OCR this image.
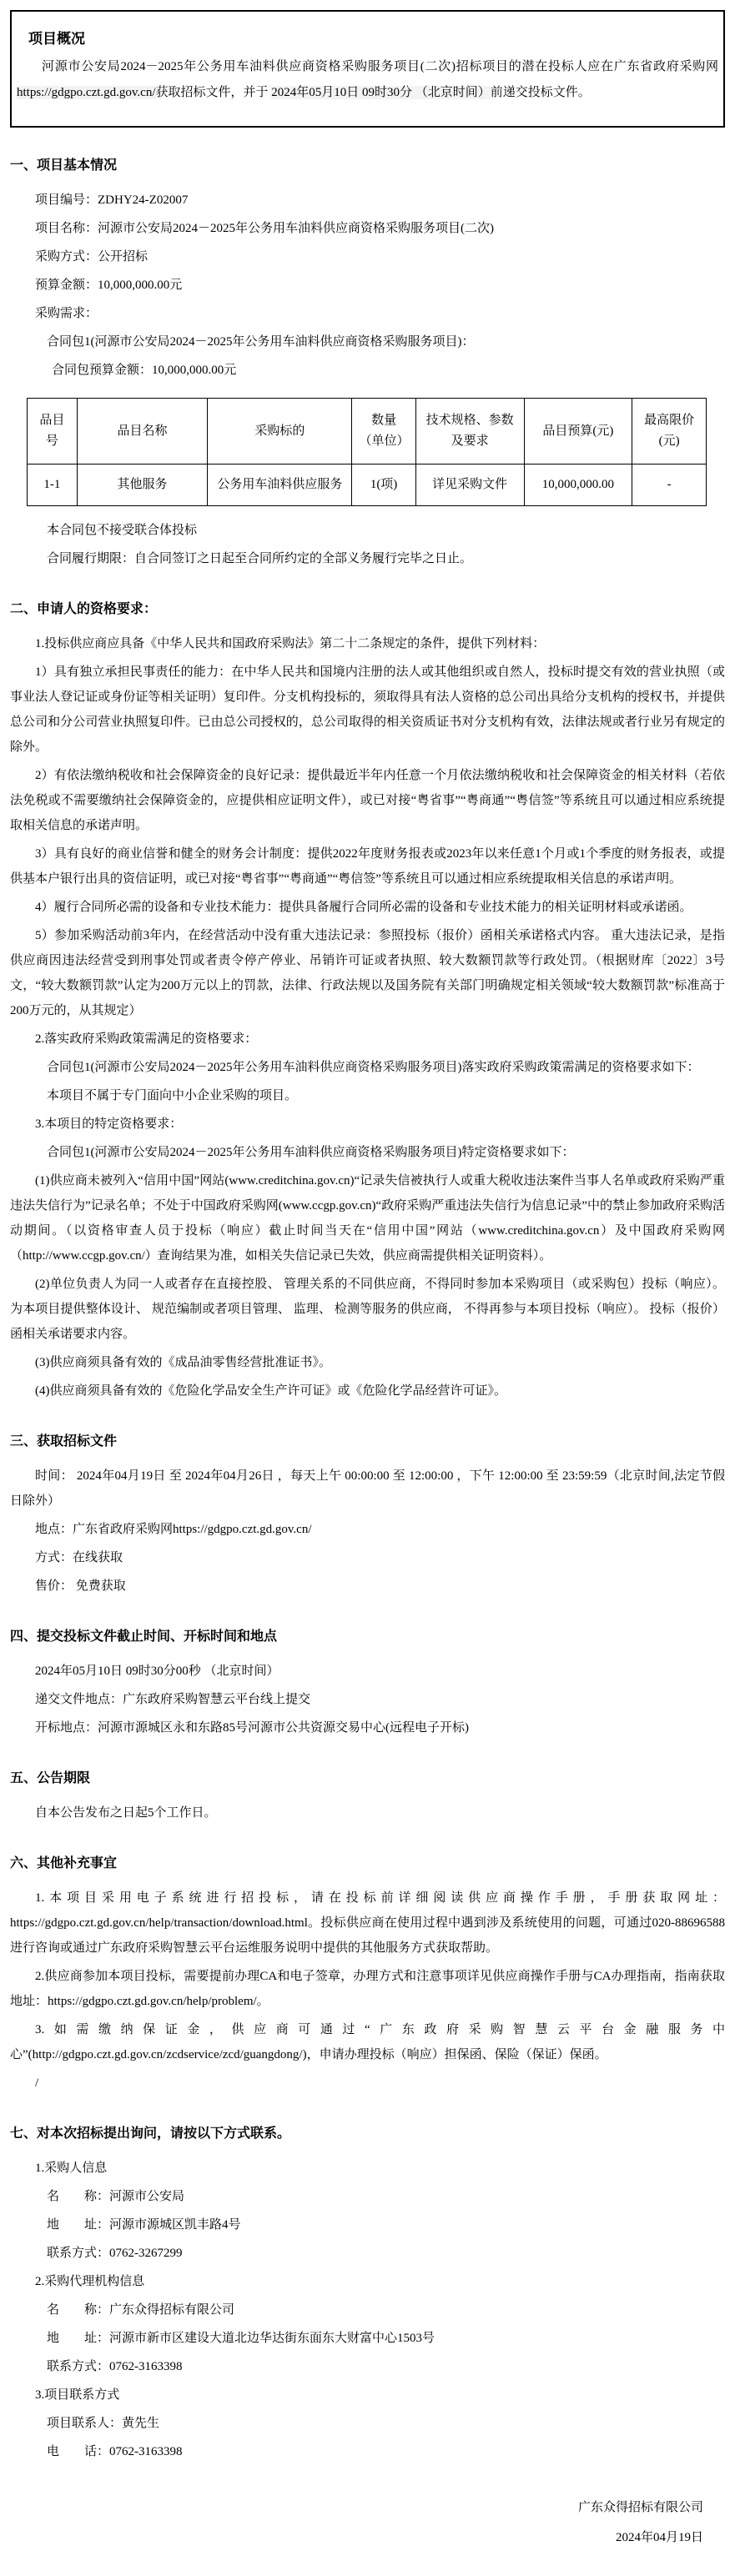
项目概况

河源市公安局2024－2025年公务用车油料供应商资格采购服务项目(二次)招标项目的潜在投标人应在广东省政府采购网https://gdgpo.czt.gd.gov.cn/获取招标文件，并于 2024年05月10日 09时30分 （北京时间）前递交投标文件。

一、项目基本情况

项目编号：ZDHY24-Z02007

项目名称：河源市公安局2024－2025年公务用车油料供应商资格采购服务项目(二次)

采购方式：公开招标

预算金额：10,000,000.00元

采购需求：

合同包1(河源市公安局2024－2025年公务用车油料供应商资格采购服务项目)：

合同包预算金额：10,000,000.00元

品目号	品目名称	采购标的	数量（单位）	技术规格、参数及要求	品目预算(元)	最高限价(元)
1-1	其他服务	公务用车油料供应服务	1(项)	详见采购文件	10,000,000.00	-

本合同包不接受联合体投标

合同履行期限：自合同签订之日起至合同所约定的全部义务履行完毕之日止。

二、申请人的资格要求：

1.投标供应商应具备《中华人民共和国政府采购法》第二十二条规定的条件，提供下列材料：

1）具有独立承担民事责任的能力：在中华人民共和国境内注册的法人或其他组织或自然人，投标时提交有效的营业执照（或事业法人登记证或身份证等相关证明）复印件。分支机构投标的，须取得具有法人资格的总公司出具给分支机构的授权书，并提供总公司和分公司营业执照复印件。已由总公司授权的，总公司取得的相关资质证书对分支机构有效，法律法规或者行业另有规定的除外。

2）有依法缴纳税收和社会保障资金的良好记录：提供最近半年内任意一个月依法缴纳税收和社会保障资金的相关材料（若依法免税或不需要缴纳社会保障资金的，应提供相应证明文件），或已对接“粤省事”“粤商通”“粤信签”等系统且可以通过相应系统提取相关信息的承诺声明。

3）具有良好的商业信誉和健全的财务会计制度：提供2022年度财务报表或2023年以来任意1个月或1个季度的财务报表，或提供基本户银行出具的资信证明，或已对接“粤省事”“粤商通”“粤信签”等系统且可以通过相应系统提取相关信息的承诺声明。

4）履行合同所必需的设备和专业技术能力：提供具备履行合同所必需的设备和专业技术能力的相关证明材料或承诺函。

5）参加采购活动前3年内，在经营活动中没有重大违法记录：参照投标（报价）函相关承诺格式内容。 重大违法记录，是指供应商因违法经营受到刑事处罚或者责令停产停业、吊销许可证或者执照、较大数额罚款等行政处罚。（根据财库〔2022〕3号文，“较大数额罚款”认定为200万元以上的罚款，法律、行政法规以及国务院有关部门明确规定相关领域“较大数额罚款”标准高于200万元的，从其规定）

2.落实政府采购政策需满足的资格要求：

合同包1(河源市公安局2024－2025年公务用车油料供应商资格采购服务项目)落实政府采购政策需满足的资格要求如下：

本项目不属于专门面向中小企业采购的项目。

3.本项目的特定资格要求：

合同包1(河源市公安局2024－2025年公务用车油料供应商资格采购服务项目)特定资格要求如下：

(1)供应商未被列入“信用中国”网站(www.creditchina.gov.cn)“记录失信被执行人或重大税收违法案件当事人名单或政府采购严重违法失信行为”记录名单；不处于中国政府采购网(www.ccgp.gov.cn)“政府采购严重违法失信行为信息记录”中的禁止参加政府采购活动期间。（以资格审查人员于投标（响应）截止时间当天在“信用中国”网站（www.creditchina.gov.cn）及中国政府采购网（http://www.ccgp.gov.cn/）查询结果为准，如相关失信记录已失效，供应商需提供相关证明资料）。

(2)单位负责人为同一人或者存在直接控股、 管理关系的不同供应商，不得同时参加本采购项目（或采购包）投标（响应）。 为本项目提供整体设计、 规范编制或者项目管理、 监理、 检测等服务的供应商， 不得再参与本项目投标（响应）。 投标（报价） 函相关承诺要求内容。

(3)供应商须具备有效的《成品油零售经营批准证书》。

(4)供应商须具备有效的《危险化学品安全生产许可证》或《危险化学品经营许可证》。

三、获取招标文件

时间： 2024年04月19日 至 2024年04月26日 ，每天上午 00:00:00 至 12:00:00 ，下午 12:00:00 至 23:59:59（北京时间,法定节假日除外）

地点：广东省政府采购网https://gdgpo.czt.gd.gov.cn/

方式：在线获取

售价： 免费获取

四、提交投标文件截止时间、开标时间和地点

2024年05月10日 09时30分00秒 （北京时间）

递交文件地点：广东政府采购智慧云平台线上提交

开标地点：河源市源城区永和东路85号河源市公共资源交易中心(远程电子开标)

五、公告期限

自本公告发布之日起5个工作日。

六、其他补充事宜

1.本项目采用电子系统进行招投标，请在投标前详细阅读供应商操作手册，手册获取网址：https://gdgpo.czt.gd.gov.cn/help/transaction/download.html。投标供应商在使用过程中遇到涉及系统使用的问题，可通过020-88696588 进行咨询或通过广东政府采购智慧云平台运维服务说明中提供的其他服务方式获取帮助。

2.供应商参加本项目投标，需要提前办理CA和电子签章，办理方式和注意事项详见供应商操作手册与CA办理指南，指南获取地址：https://gdgpo.czt.gd.gov.cn/help/problem/。

3.如需缴纳保证金，供应商可通过“广东政府采购智慧云平台金融服务中心”(http://gdgpo.czt.gd.gov.cn/zcdservice/zcd/guangdong/)，申请办理投标（响应）担保函、保险（保证）保函。

/

七、对本次招标提出询问，请按以下方式联系。

1.采购人信息

名　　称：河源市公安局

地　　址：河源市源城区凯丰路4号

联系方式：0762-3267299

2.采购代理机构信息

名　　称：广东众得招标有限公司

地　　址：河源市新市区建设大道北边华达街东面东大财富中心1503号

联系方式：0762-3163398

3.项目联系方式

项目联系人：黄先生

电　　话：0762-3163398

广东众得招标有限公司
2024年04月19日
